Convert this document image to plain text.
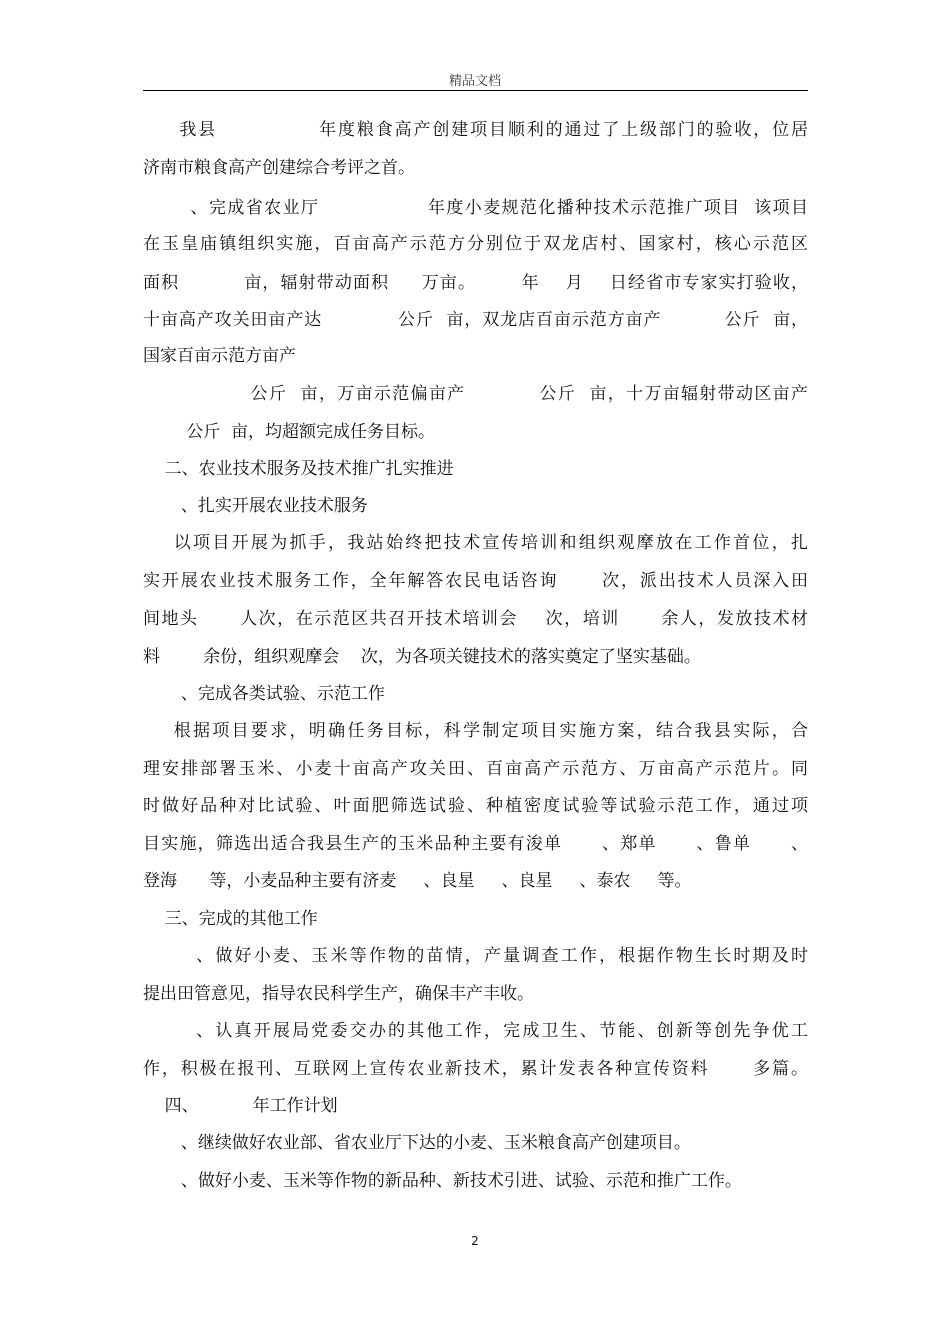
精品文档
我县              年度粮食高产创建项目顺利的通过了上级部门的验收，位居
济南市粮食高产创建综合考评之首。
、完成省农业厅                年度小麦规范化播种技术示范推广项目  该项目
在玉皇庙镇组织实施，百亩高产示范方分别位于双龙店村、国家村，核心示范区
面积          亩，辐射带动面积     万亩。       年    月    日经省市专家实打验收，
十亩高产攻关田亩产达            公斤  亩，双龙店百亩示范方亩产          公斤  亩，
国家百亩示范方亩产
公斤  亩，万亩示范偏亩产           公斤  亩，十万亩辐射带动区亩产
公斤  亩，均超额完成任务目标。
二、农业技术服务及技术推广扎实推进
、扎实开展农业技术服务
以项目开展为抓手，我站始终把技术宣传培训和组织观摩放在工作首位，扎
实开展农业技术服务工作，全年解答农民电话咨询      次，派出技术人员深入田
间地头      人次，在示范区共召开技术培训会    次，培训      余人，发放技术材
料        余份，组织观摩会    次，为各项关键技术的落实奠定了坚实基础。
、完成各类试验、示范工作
根据项目要求，明确任务目标，科学制定项目实施方案，结合我县实际，合
理安排部署玉米、小麦十亩高产攻关田、百亩高产示范方、万亩高产示范片。同
时做好品种对比试验、叶面肥筛选试验、种植密度试验等试验示范工作，通过项
目实施，筛选出适合我县生产的玉米品种主要有浚单      、郑单      、鲁单      、
登海      等，小麦品种主要有济麦     、良星     、良星     、泰农     等。
三、完成的其他工作
、做好小麦、玉米等作物的苗情，产量调查工作，根据作物生长时期及时
提出田管意见，指导农民科学生产，确保丰产丰收。
、认真开展局党委交办的其他工作，完成卫生、节能、创新等创先争优工
作，积极在报刊、互联网上宣传农业新技术，累计发表各种宣传资料      多篇。
四、          年工作计划
、继续做好农业部、省农业厅下达的小麦、玉米粮食高产创建项目。
、做好小麦、玉米等作物的新品种、新技术引进、试验、示范和推广工作。
2
